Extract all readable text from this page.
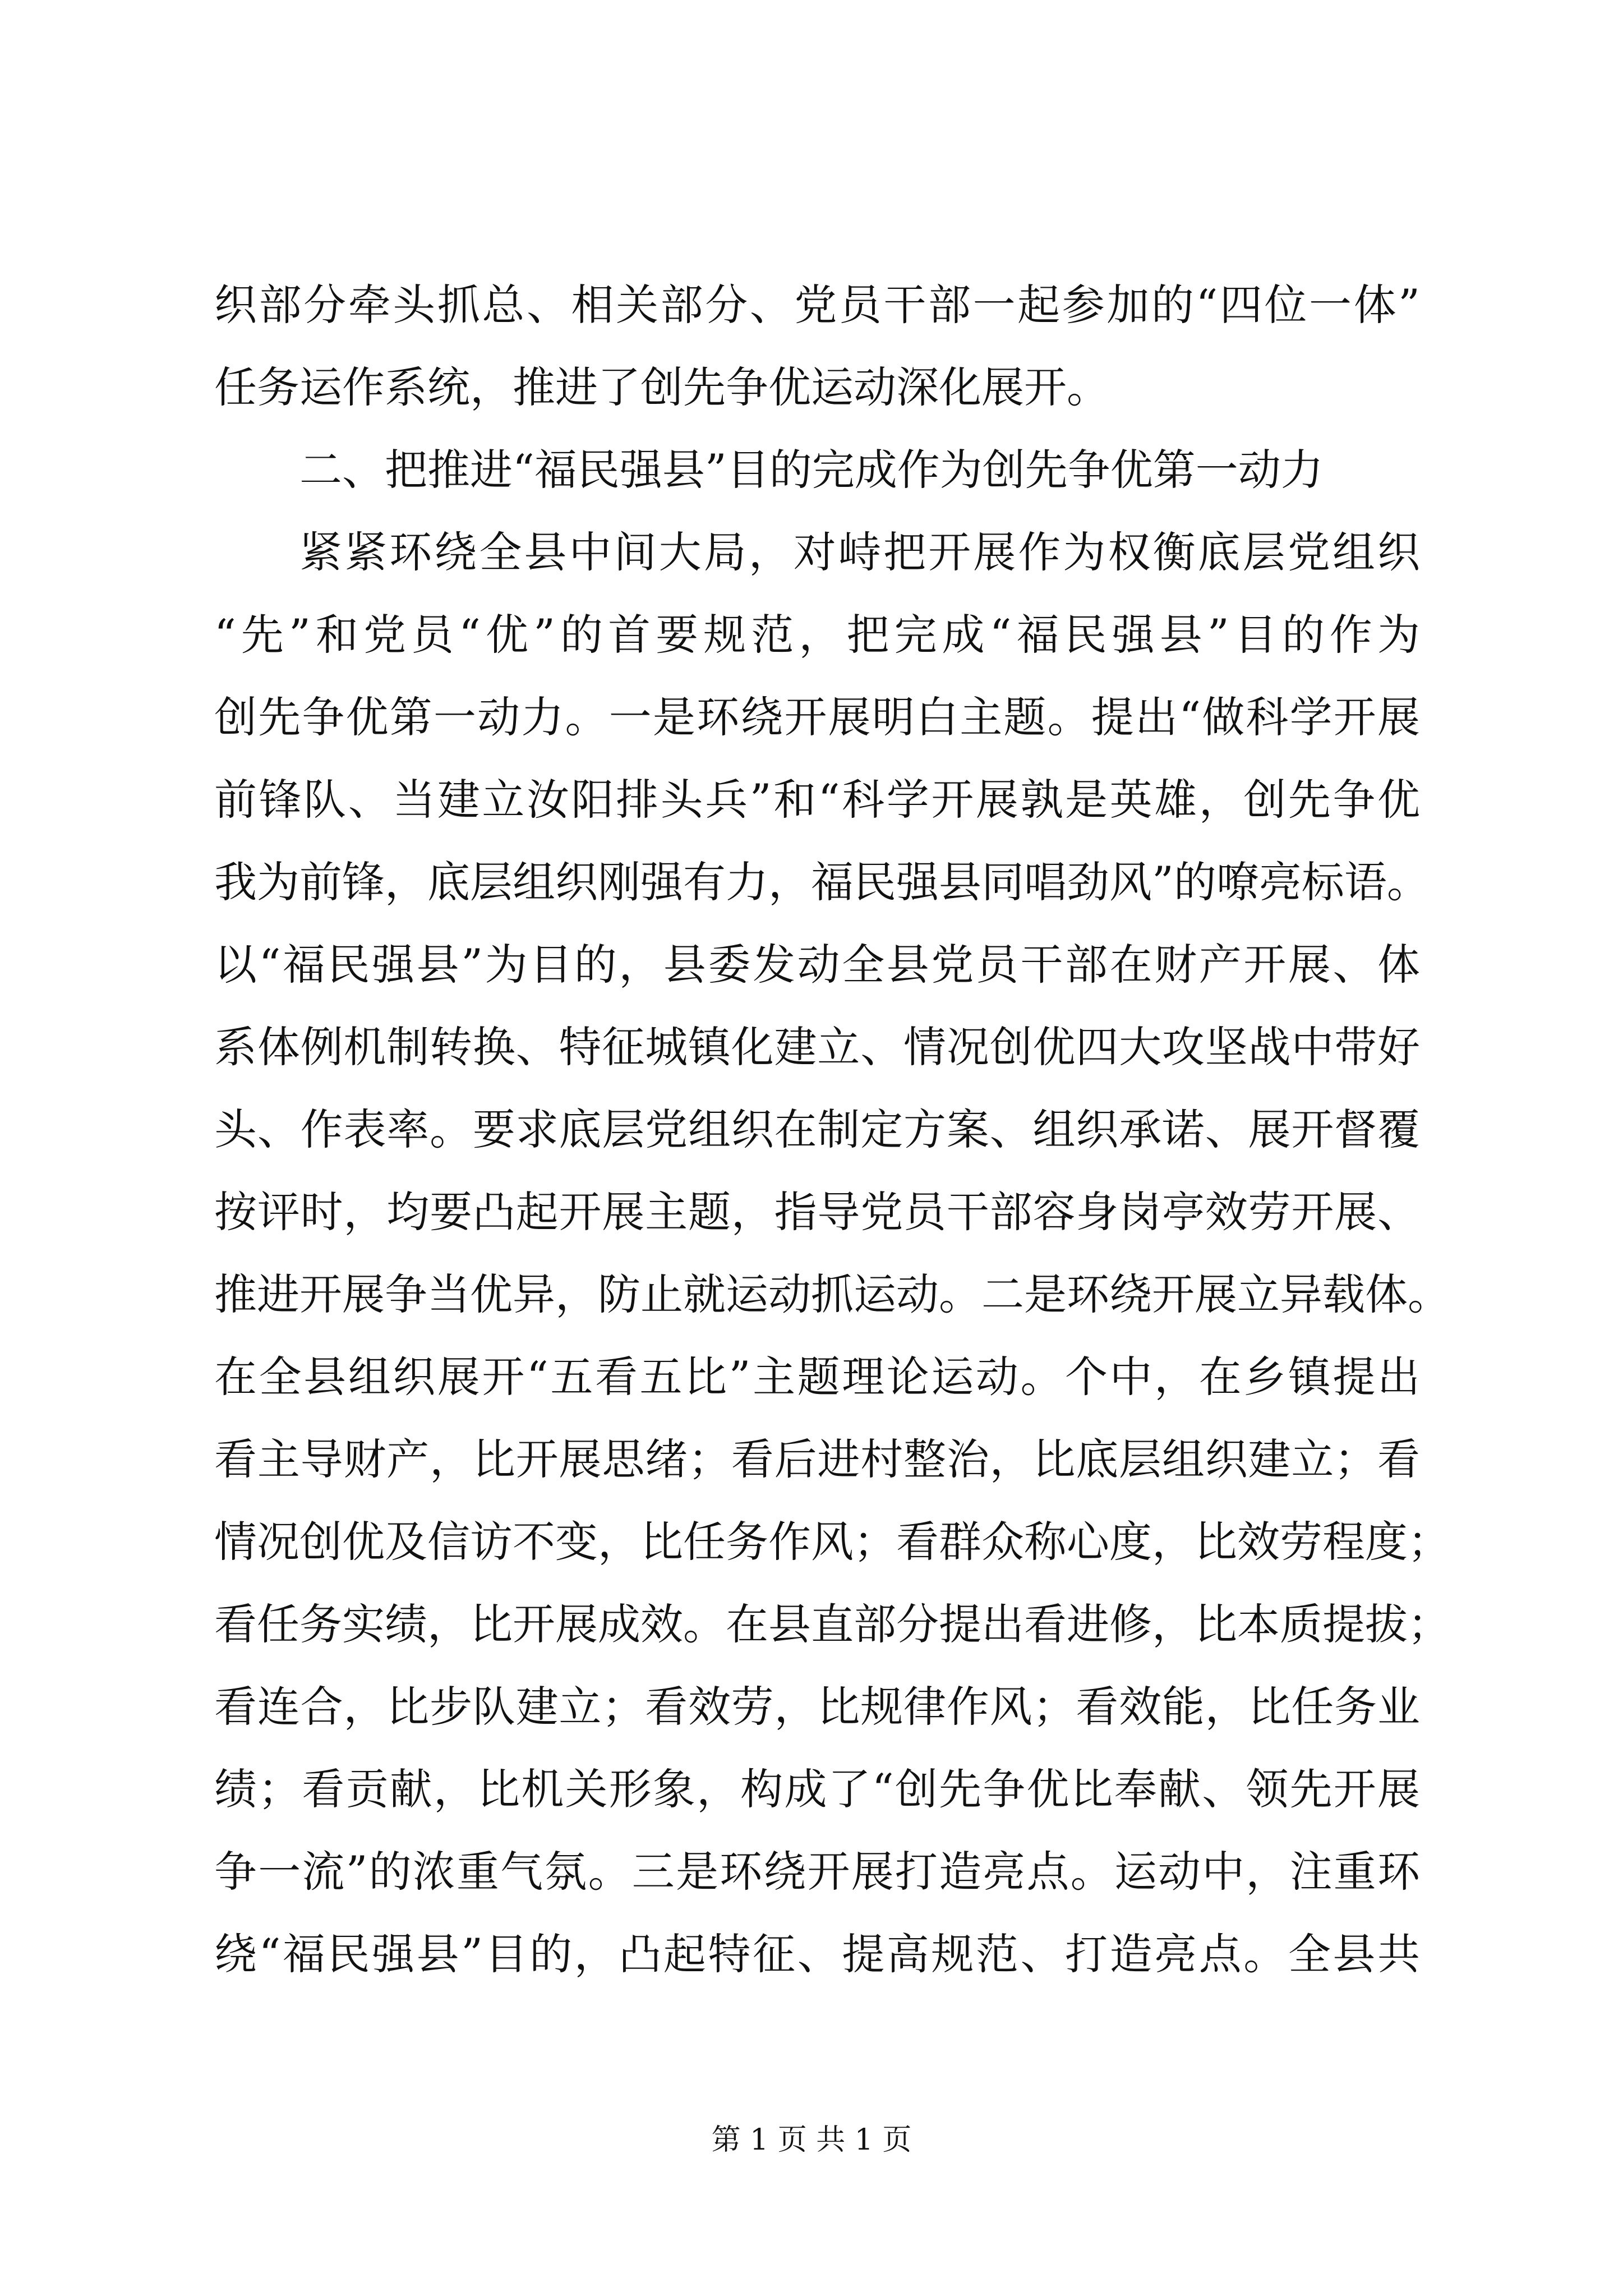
织部分牵头抓总、相关部分、党员干部一起参加的“四位一体”
任务运作系统，推进了创先争优运动深化展开。
二、把推进“福民强县”目的完成作为创先争优第一动力
紧紧环绕全县中间大局，对峙把开展作为权衡底层党组织
“先”和党员“优”的首要规范，把完成“福民强县”目的作为
创先争优第一动力。一是环绕开展明白主题。提出“做科学开展
前锋队、当建立汝阳排头兵”和“科学开展孰是英雄，创先争优
我为前锋，底层组织刚强有力，福民强县同唱劲风”的嘹亮标语。
以“福民强县”为目的，县委发动全县党员干部在财产开展、体
系体例机制转换、特征城镇化建立、情况创优四大攻坚战中带好
头、作表率。要求底层党组织在制定方案、组织承诺、展开督覆
按评时，均要凸起开展主题，指导党员干部容身岗亭效劳开展、
推进开展争当优异，防止就运动抓运动。二是环绕开展立异载体。
在全县组织展开“五看五比”主题理论运动。个中，在乡镇提出
看主导财产，比开展思绪；看后进村整治，比底层组织建立；看
情况创优及信访不变，比任务作风；看群众称心度，比效劳程度；
看任务实绩，比开展成效。在县直部分提出看进修，比本质提拔；
看连合，比步队建立；看效劳，比规律作风；看效能，比任务业
绩；看贡献，比机关形象，构成了“创先争优比奉献、领先开展
争一流”的浓重气氛。三是环绕开展打造亮点。运动中，注重环
绕“福民强县”目的，凸起特征、提高规范、打造亮点。全县共
第 1 页 共 1 页
